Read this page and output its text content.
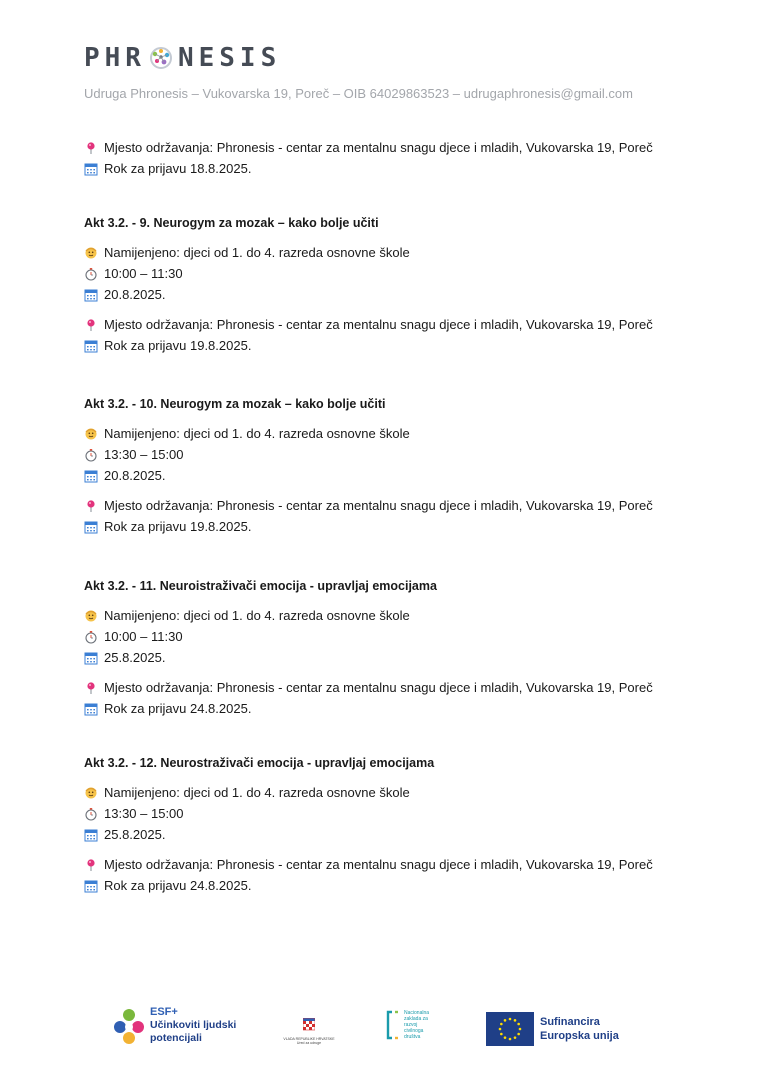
PHR NESIS
Udruga Phronesis – Vukovarska 19, Poreč – OIB 64029863523 – udrugaphronesis@gmail.com
Mjesto održavanja: Phronesis - centar za mentalnu snagu djece i mladih, Vukovarska 19, Poreč
Rok za prijavu 18.8.2025.
Akt 3.2. - 9. Neurogym za mozak – kako bolje učiti
Namijenjeno: djeci od 1. do 4. razreda osnovne škole
10:00 – 11:30
20.8.2025.
Mjesto održavanja: Phronesis - centar za mentalnu snagu djece i mladih, Vukovarska 19, Poreč
Rok za prijavu 19.8.2025.
Akt 3.2. - 10. Neurogym za mozak – kako bolje učiti
Namijenjeno: djeci od 1. do 4. razreda osnovne škole
13:30 – 15:00
20.8.2025.
Mjesto održavanja: Phronesis - centar za mentalnu snagu djece i mladih, Vukovarska 19, Poreč
Rok za prijavu 19.8.2025.
Akt 3.2. - 11. Neuroistraživači emocija - upravljaj emocijama
Namijenjeno: djeci od 1. do 4. razreda osnovne škole
10:00 – 11:30
25.8.2025.
Mjesto održavanja: Phronesis - centar za mentalnu snagu djece i mladih, Vukovarska 19, Poreč
Rok za prijavu 24.8.2025.
Akt 3.2. - 12. Neurostraživači emocija - upravljaj emocijama
Namijenjeno: djeci od 1. do 4. razreda osnovne škole
13:30 – 15:00
25.8.2025.
Mjesto održavanja: Phronesis - centar za mentalnu snagu djece i mladih, Vukovarska 19, Poreč
Rok za prijavu 24.8.2025.
ESF+
Učinkoviti ljudski
potencijali	VLADA REPUBLIKE HRVATSKE
Ured za udruge
Nacionalna
zaklada za
razvoj
civilnoga
društva
Sufinancira
Europska unija
